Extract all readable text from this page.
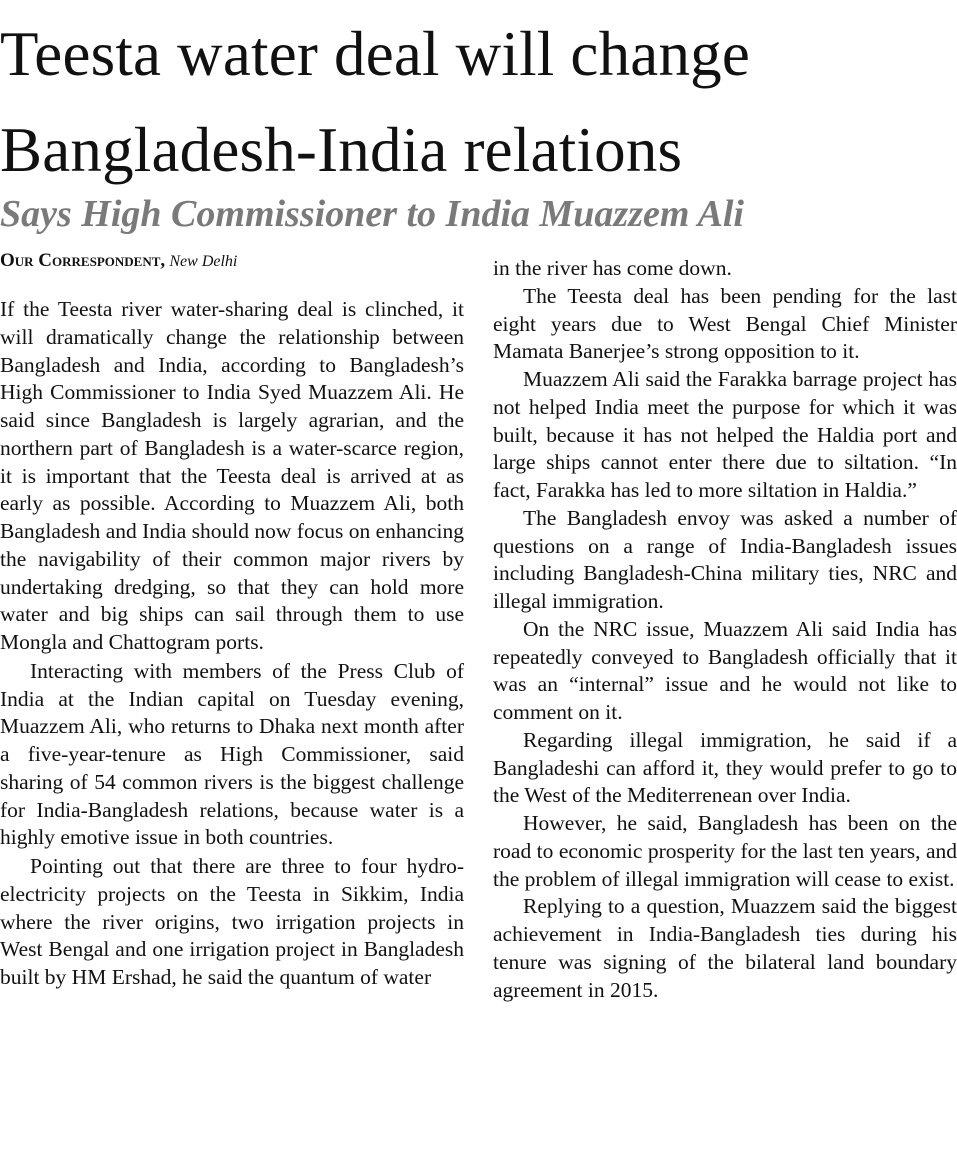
Teesta water deal will change Bangladesh-India relations
Says High Commissioner to India Muazzem Ali
Our Correspondent, New Delhi

If the Teesta river water-sharing deal is clinched, it will dramatically change the relationship between Bangladesh and India, according to Bangladesh’s High Commissioner to India Syed Muazzem Ali. He said since Bangladesh is largely agrarian, and the northern part of Bangladesh is a water-scarce region, it is important that the Teesta deal is arrived at as early as possible. According to Muazzem Ali, both Bangladesh and India should now focus on enhancing the navigability of their common major rivers by undertaking dredging, so that they can hold more water and big ships can sail through them to use Mongla and Chattogram ports.

Interacting with members of the Press Club of India at the Indian capital on Tuesday evening, Muazzem Ali, who returns to Dhaka next month after a five-year-tenure as High Commissioner, said sharing of 54 common rivers is the biggest challenge for India-Bangladesh relations, because water is a highly emotive issue in both countries.

Pointing out that there are three to four hydro-electricity projects on the Teesta in Sikkim, India where the river origins, two irrigation projects in West Bengal and one irrigation project in Bangladesh built by HM Ershad, he said the quantum of water

in the river has come down.

The Teesta deal has been pending for the last eight years due to West Bengal Chief Minister Mamata Banerjee’s strong opposition to it.

Muazzem Ali said the Farakka barrage project has not helped India meet the purpose for which it was built, because it has not helped the Haldia port and large ships cannot enter there due to siltation. “In fact, Farakka has led to more siltation in Haldia.”

The Bangladesh envoy was asked a number of questions on a range of India-Bangladesh issues including Bangladesh-China military ties, NRC and illegal immigration.

On the NRC issue, Muazzem Ali said India has repeatedly conveyed to Bangladesh officially that it was an “internal” issue and he would not like to comment on it.

Regarding illegal immigration, he said if a Bangladeshi can afford it, they would prefer to go to the West of the Mediterrenean over India.

However, he said, Bangladesh has been on the road to economic prosperity for the last ten years, and the problem of illegal immigration will cease to exist.

Replying to a question, Muazzem said the biggest achievement in India-Bangladesh ties during his tenure was signing of the bilateral land boundary agreement in 2015.
